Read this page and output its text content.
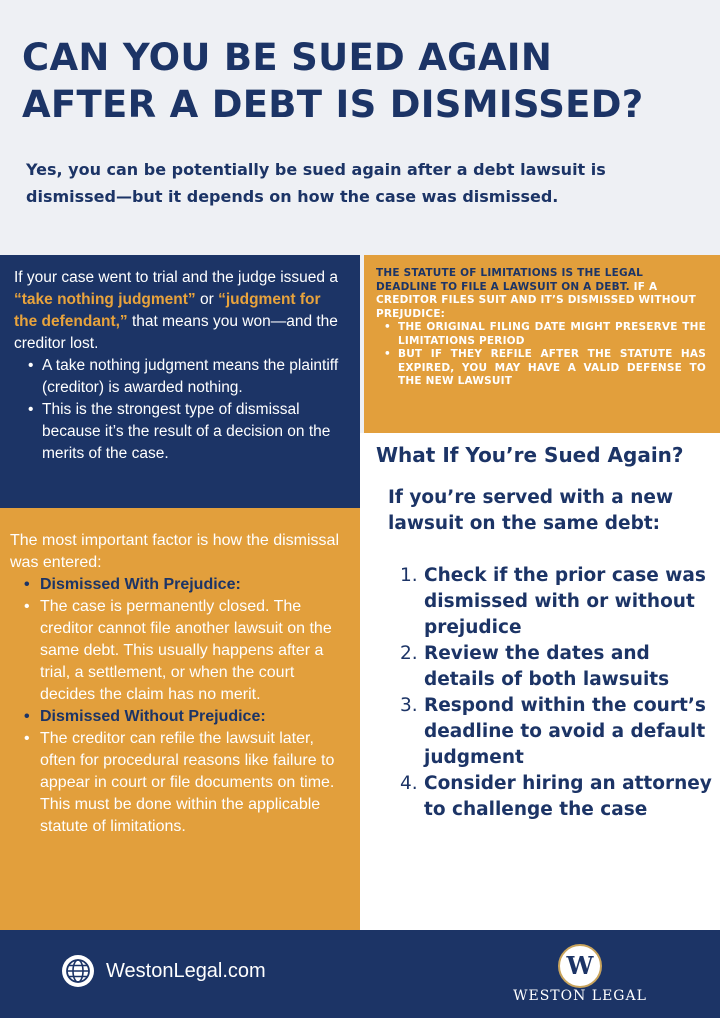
CAN YOU BE SUED AGAIN
AFTER A DEBT IS DISMISSED?
Yes, you can be potentially be sued again after a debt lawsuit is dismissed—but it depends on how the case was dismissed.

If your case went to trial and the judge issued a “take nothing judgment” or “judgment for the defendant,” that means you won—and the creditor lost.

• A take nothing judgment means the plaintiff (creditor) is awarded nothing.
• This is the strongest type of dismissal because it’s the result of a decision on the merits of the case.

THE STATUTE OF LIMITATIONS IS THE LEGAL DEADLINE TO FILE A LAWSUIT ON A DEBT. IF A CREDITOR FILES SUIT AND IT’S DISMISSED WITHOUT PREJUDICE:

• THE ORIGINAL FILING DATE MIGHT PRESERVE THE LIMITATIONS PERIOD
• BUT IF THEY REFILE AFTER THE STATUTE HAS EXPIRED, YOU MAY HAVE A VALID DEFENSE TO THE NEW LAWSUIT
What If You’re Sued Again?
If you’re served with a new lawsuit on the same debt:
1. Check if the prior case was dismissed with or without prejudice
2. Review the dates and details of both lawsuits
3. Respond within the court’s deadline to avoid a default judgment
4. Consider hiring an attorney to challenge the case

The most important factor is how the dismissal was entered:

• Dismissed With Prejudice:
• The case is permanently closed. The creditor cannot file another lawsuit on the same debt. This usually happens after a trial, a settlement, or when the court decides the claim has no merit.
• Dismissed Without Prejudice:
• The creditor can refile the lawsuit later, often for procedural reasons like failure to appear in court or file documents on time. This must be done within the applicable statute of limitations.
WestonLegal.com	W
WESTON LEGAL
